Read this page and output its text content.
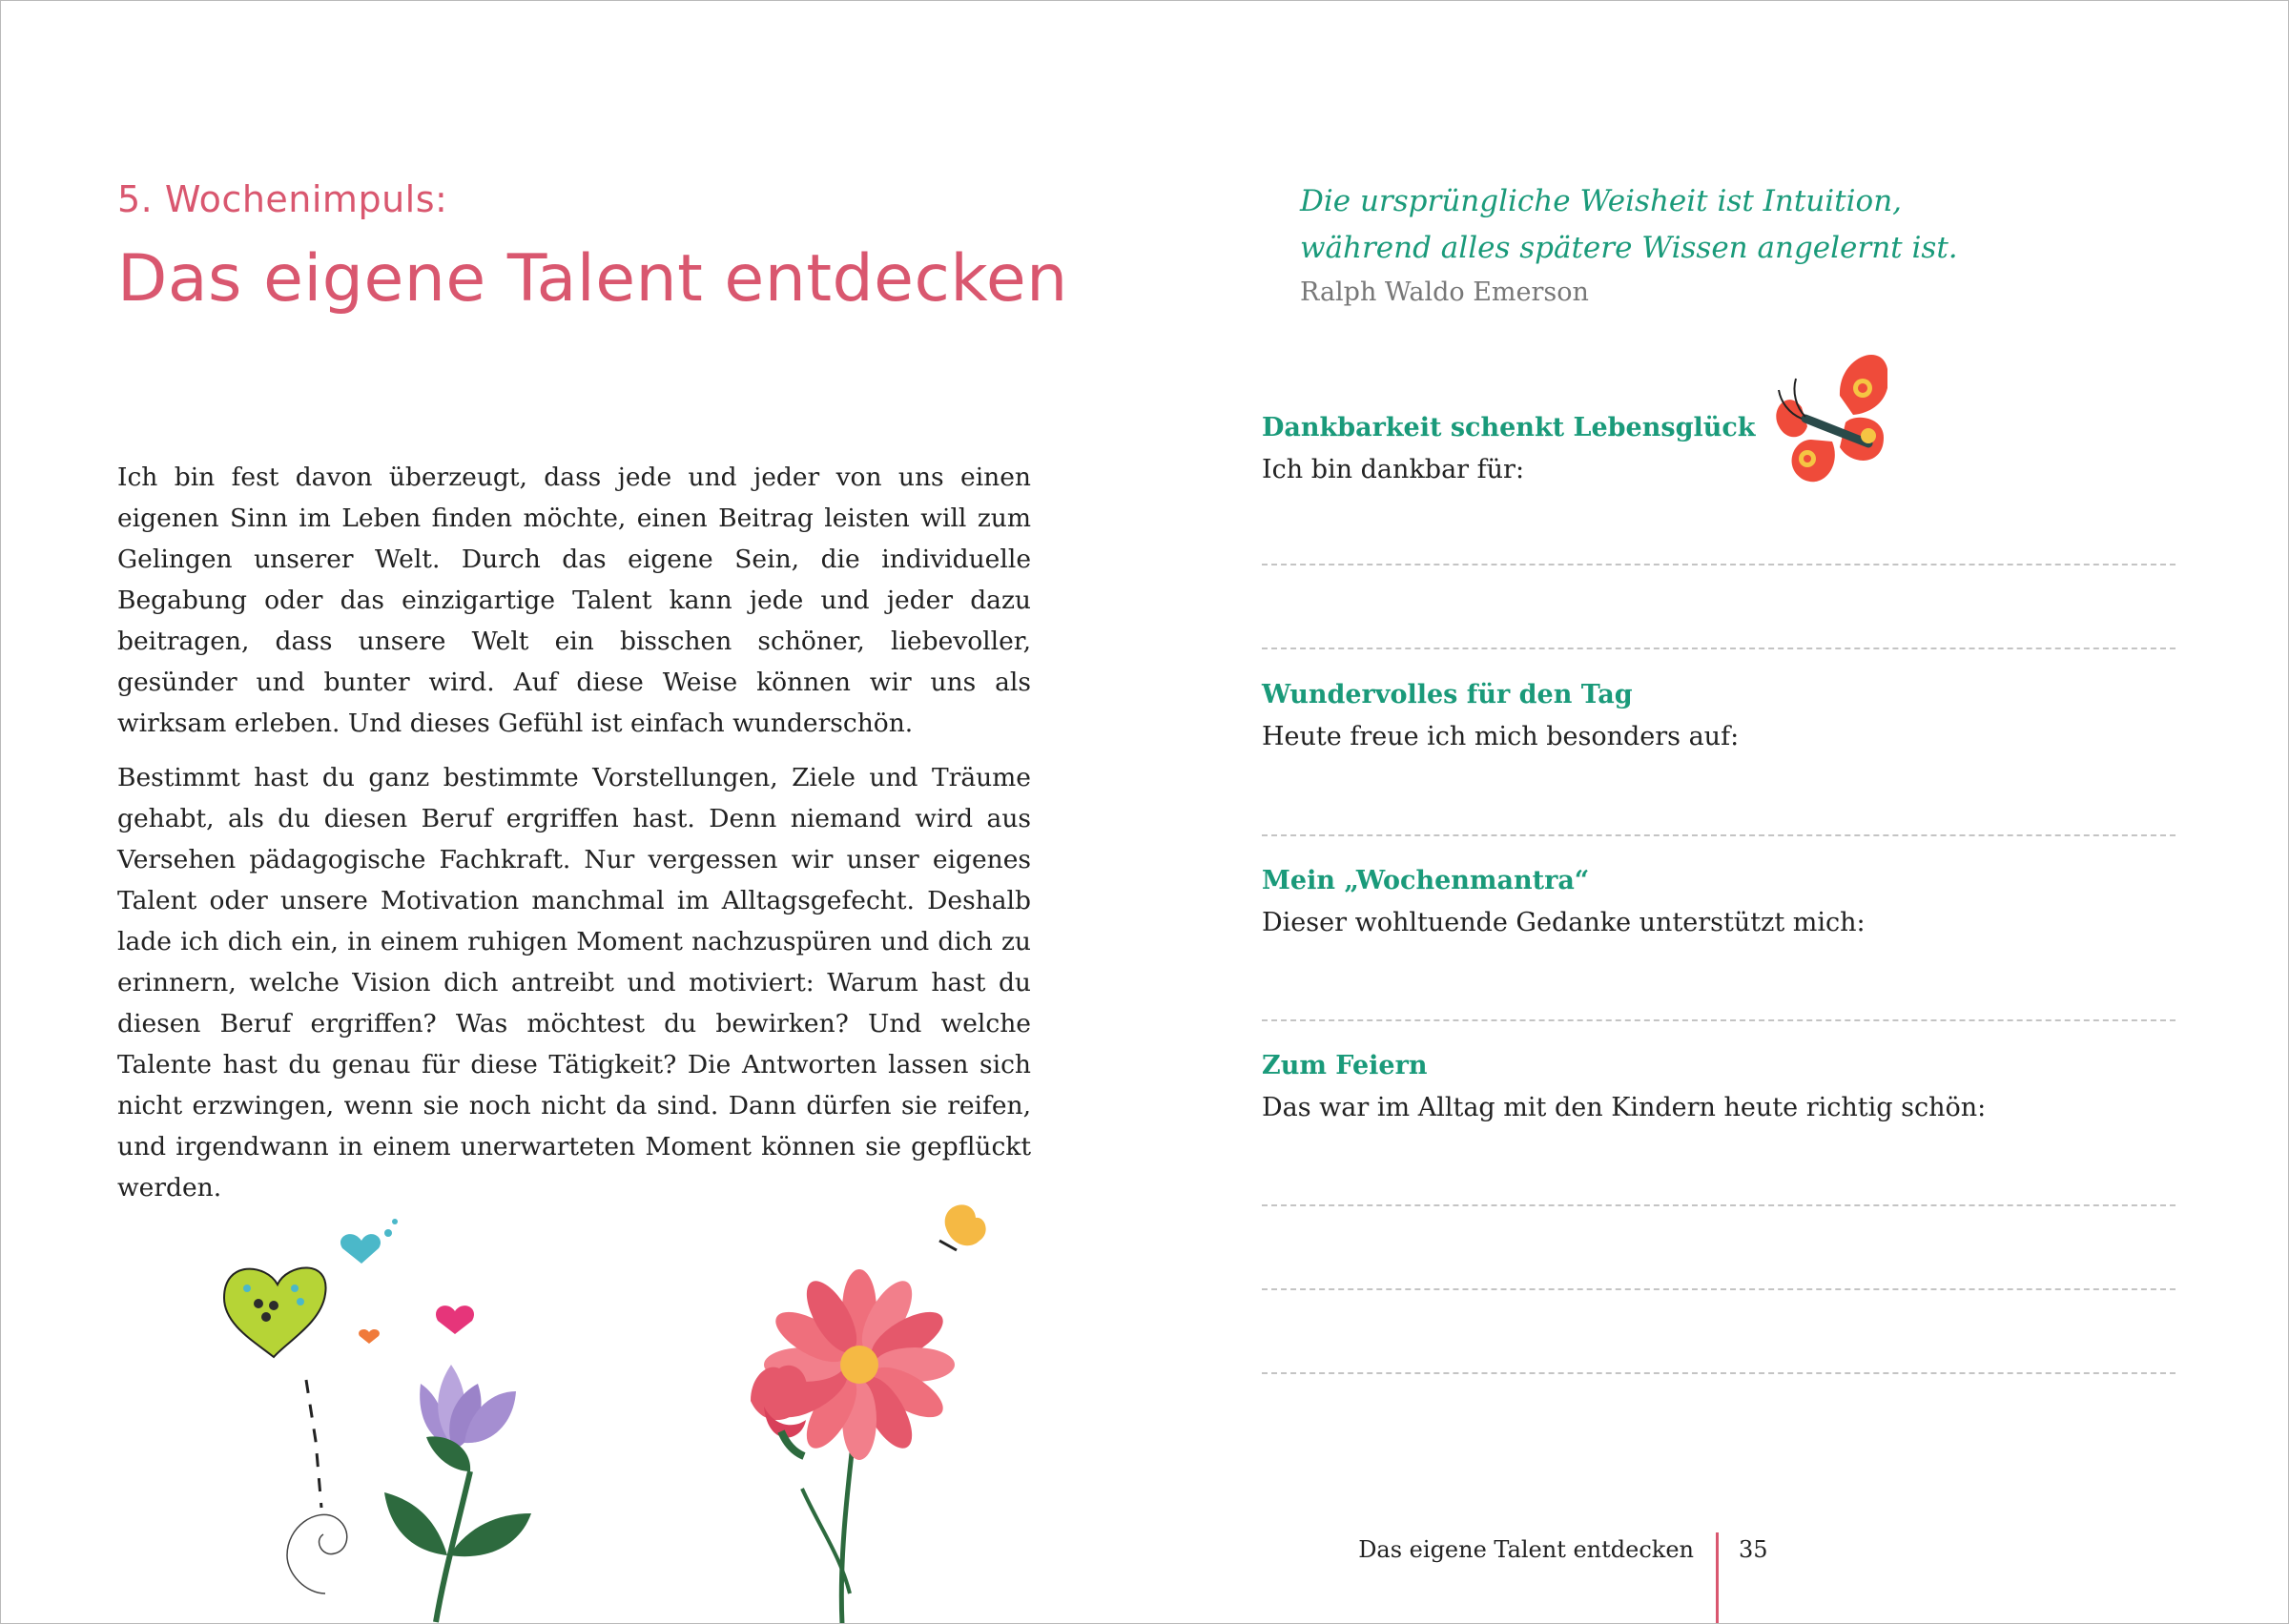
5. Wochenimpuls:
Das eigene Talent entdecken

Ich bin fest davon überzeugt, dass jede und jeder von uns einen eigenen Sinn im Leben finden möchte, einen Beitrag leisten will zum Gelingen unserer Welt. Durch das eigene Sein, die individuelle Begabung oder das einzigartige Talent kann jede und jeder dazu beitragen, dass unsere Welt ein bisschen schöner, liebevoller, gesünder und bunter wird. Auf diese Weise können wir uns als wirksam erleben. Und dieses Gefühl ist einfach wunderschön.

Bestimmt hast du ganz bestimmte Vorstellungen, Ziele und Träume gehabt, als du diesen Beruf ergriffen hast. Denn niemand wird aus Versehen pädagogische Fachkraft. Nur vergessen wir unser eigenes Talent oder unsere Motivation manchmal im Alltagsgefecht. Deshalb lade ich dich ein, in einem ruhigen Moment nachzuspüren und dich zu erinnern, welche Vision dich antreibt und motiviert: Warum hast du diesen Beruf ergriffen? Was möchtest du bewirken? Und welche Talente hast du genau für diese Tätigkeit? Die Antworten lassen sich nicht erzwingen, wenn sie noch nicht da sind. Dann dürfen sie reifen, und irgendwann in einem unerwarteten Moment können sie gepflückt werden.

Die ursprüngliche Weisheit ist Intuition,
während alles spätere Wissen angelernt ist.
Ralph Waldo Emerson
Dankbarkeit schenkt Lebensglück
Ich bin dankbar für:
Wundervolles für den Tag
Heute freue ich mich besonders auf:
Mein „Wochenmantra“
Dieser wohltuende Gedanke unterstützt mich:
Zum Feiern
Das war im Alltag mit den Kindern heute richtig schön:
Das eigene Talent entdecken 35
